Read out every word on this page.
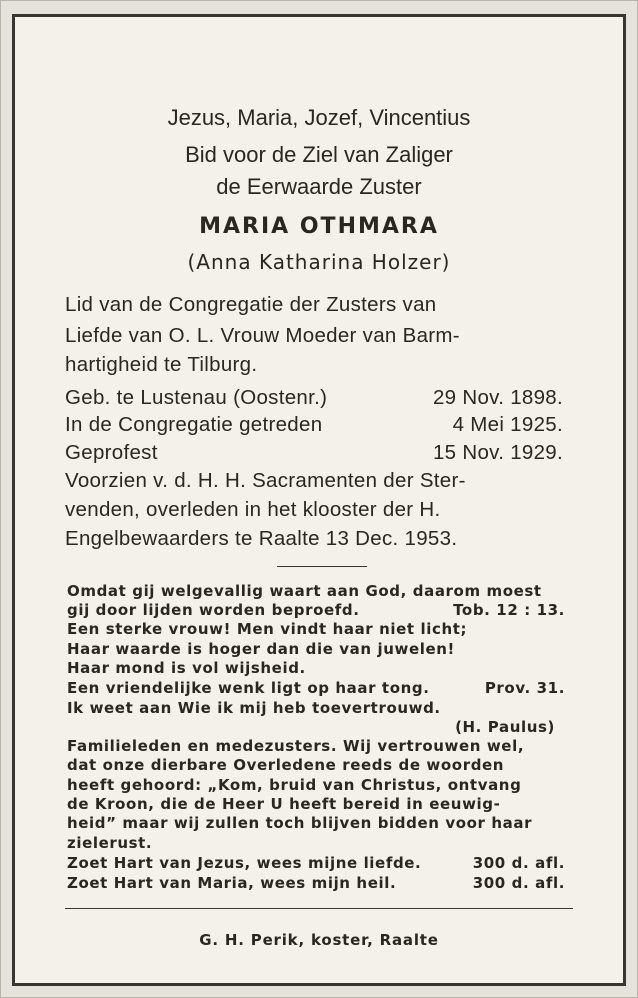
Jezus, Maria, Jozef, Vincentius
Bid voor de Ziel van Zaliger
de Eerwaarde Zuster
MARIA OTHMARA
(Anna Katharina Holzer)
Lid van de Congregatie der Zusters van
Liefde van O. L. Vrouw Moeder van Barm-
hartigheid te Tilburg.
Geb. te Lustenau (Oostenr.)	29 Nov. 1898.
In de Congregatie getreden	4 Mei 1925.
Geprofest	15 Nov. 1929.
Voorzien v. d. H. H. Sacramenten der Ster-
venden, overleden in het klooster der H.
Engelbewaarders te Raalte 13 Dec. 1953.
Omdat gij welgevallig waart aan God, daarom moest
gij door lijden worden beproefd.	Tob. 12 : 13.
Een sterke vrouw! Men vindt haar niet licht;
Haar waarde is hoger dan die van juwelen!
Haar mond is vol wijsheid.
Een vriendelijke wenk ligt op haar tong.	Prov. 31.
Ik weet aan Wie ik mij heb toevertrouwd.
(H. Paulus)
Familieleden en medezusters. Wij vertrouwen wel,
dat onze dierbare Overledene reeds de woorden
heeft gehoord: „Kom, bruid van Christus, ontvang
de Kroon, die de Heer U heeft bereid in eeuwig-
heid” maar wij zullen toch blijven bidden voor haar
zielerust.
Zoet Hart van Jezus, wees mijne liefde.	300 d. afl.
Zoet Hart van Maria, wees mijn heil.	300 d. afl.
G. H. Perik, koster, Raalte
